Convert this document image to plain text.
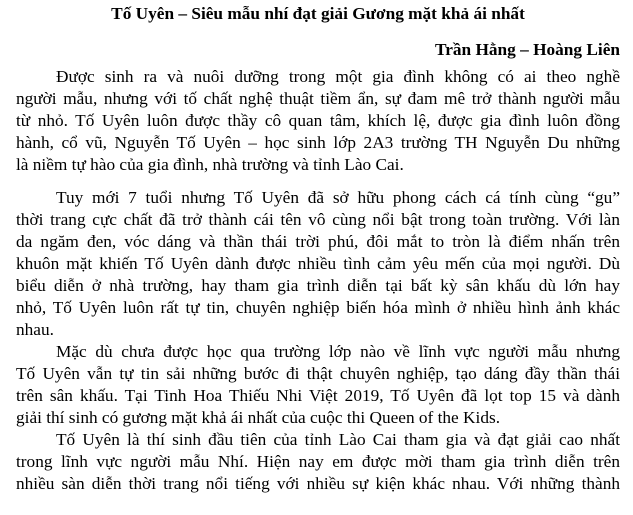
Tố Uyên – Siêu mẫu nhí đạt giải Gương mặt khả ái nhất
Trần Hằng – Hoàng Liên
Được sinh ra và nuôi dưỡng trong một gia đình không có ai theo nghề
người mẫu, nhưng với tố chất nghệ thuật tiềm ẩn, sự đam mê trở thành người mẫu
từ nhỏ. Tố Uyên luôn được thầy cô quan tâm, khích lệ, được gia đình luôn đồng
hành, cổ vũ, Nguyễn Tố Uyên – học sinh lớp 2A3 trường TH Nguyễn Du những
là niềm tự hào của gia đình, nhà trường và tỉnh Lào Cai.
Tuy mới 7 tuổi nhưng Tố Uyên đã sở hữu phong cách cá tính cùng “gu”
thời trang cực chất đã trở thành cái tên vô cùng nổi bật trong toàn trường. Với làn
da ngăm đen, vóc dáng và thần thái trời phú, đôi mắt to tròn là điểm nhấn trên
khuôn mặt khiến Tố Uyên dành được nhiều tình cảm yêu mến của mọi người. Dù
biểu diễn ở nhà trường, hay tham gia trình diễn tại bất kỳ sân khấu dù lớn hay
nhỏ, Tố Uyên luôn rất tự tin, chuyên nghiệp biến hóa mình ở nhiều hình ảnh khác
nhau.
Mặc dù chưa được học qua trường lớp nào về lĩnh vực người mẫu nhưng
Tố Uyên vẫn tự tin sải những bước đi thật chuyên nghiệp, tạo dáng đầy thần thái
trên sân khấu. Tại Tinh Hoa Thiếu Nhi Việt 2019, Tố Uyên đã lọt top 15 và dành
giải thí sinh có gương mặt khả ái nhất của cuộc thi Queen of the Kids.
Tố Uyên là thí sinh đầu tiên của tỉnh Lào Cai tham gia và đạt giải cao nhất
trong lĩnh vực người mẫu Nhí. Hiện nay em được mời tham gia trình diễn trên
nhiều sàn diễn thời trang nổi tiếng với nhiều sự kiện khác nhau. Với những thành
